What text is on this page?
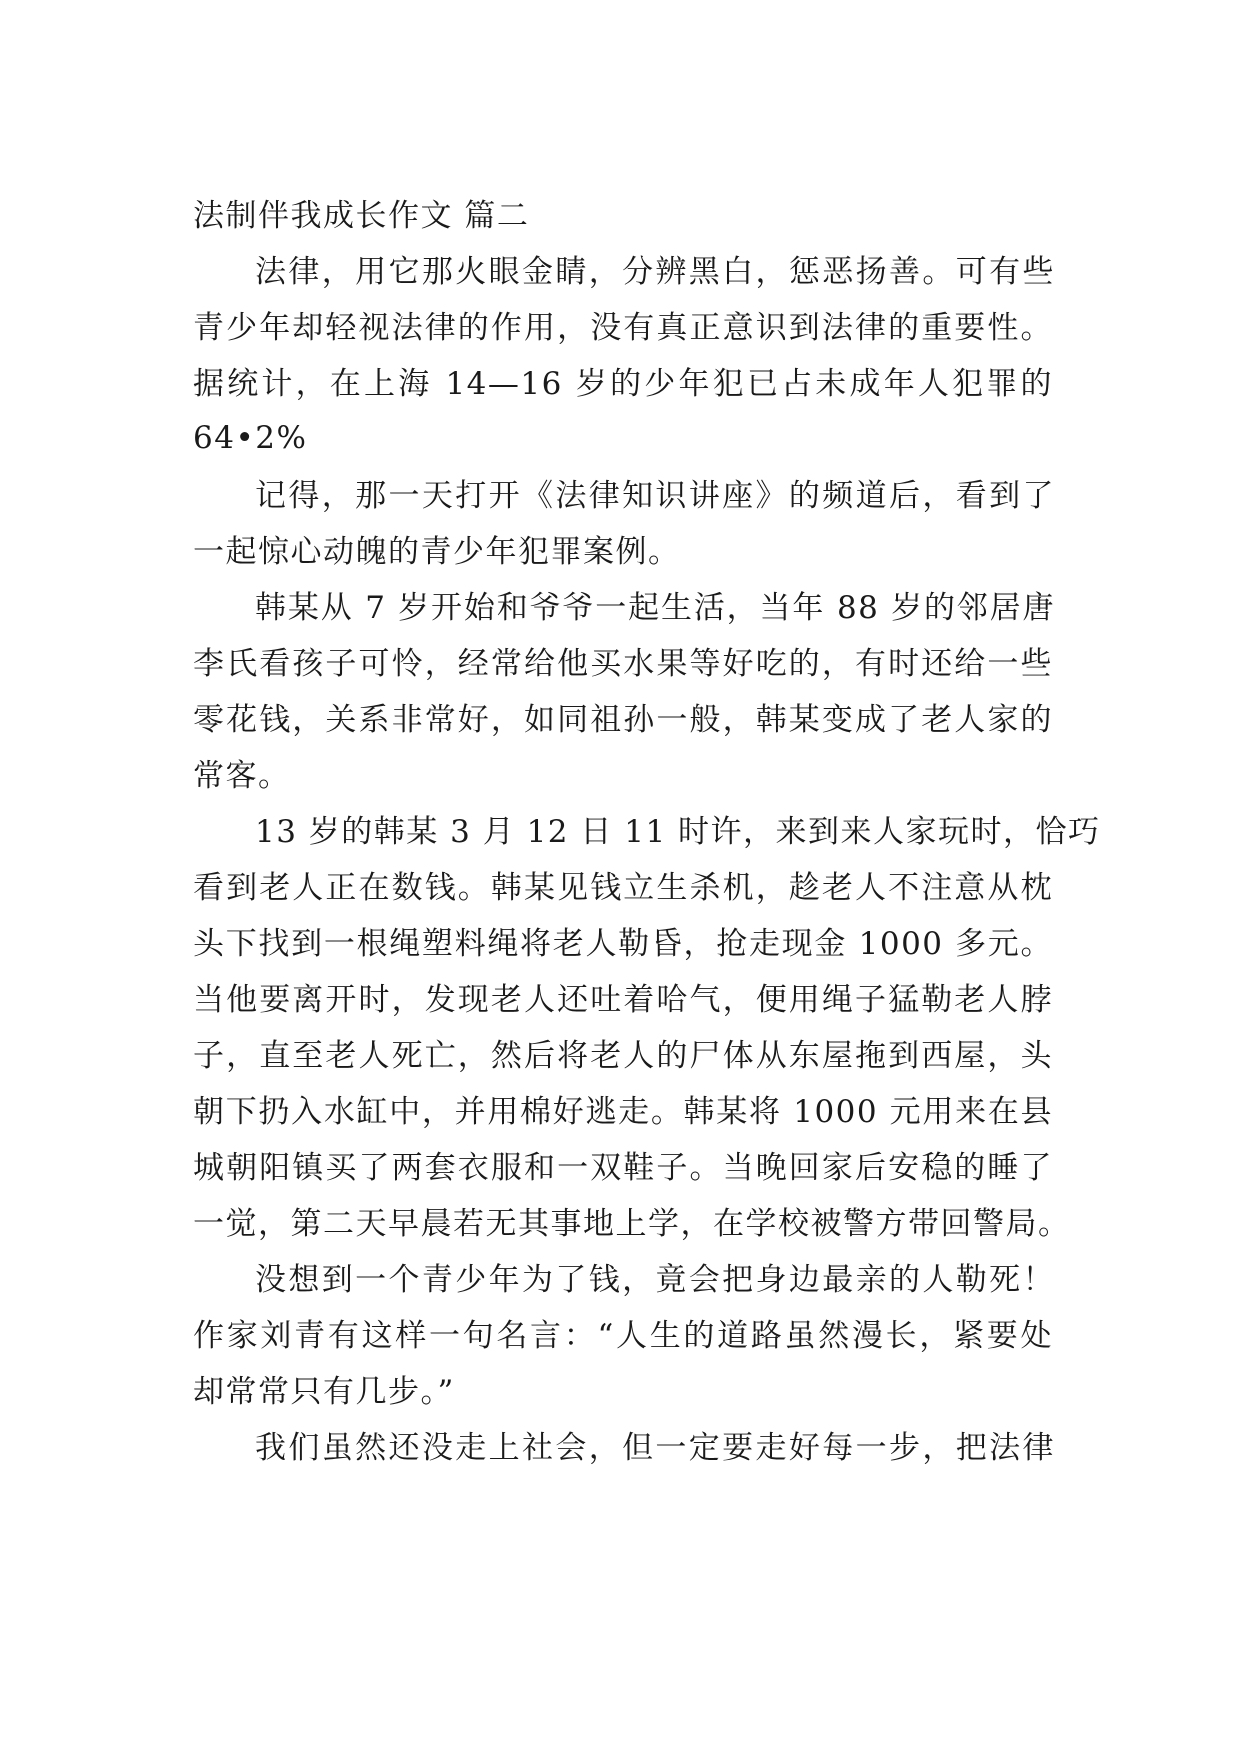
法制伴我成长作文 篇二
法律，用它那火眼金睛，分辨黑白，惩恶扬善。可有些
青少年却轻视法律的作用，没有真正意识到法律的重要性。
据统计，在上海 14—16 岁的少年犯已占未成年人犯罪的
64•2%
记得，那一天打开《法律知识讲座》的频道后，看到了
一起惊心动魄的青少年犯罪案例。
韩某从 7 岁开始和爷爷一起生活，当年 88 岁的邻居唐
李氏看孩子可怜，经常给他买水果等好吃的，有时还给一些
零花钱，关系非常好，如同祖孙一般，韩某变成了老人家的
常客。
13 岁的韩某 3 月 12 日 11 时许，来到来人家玩时，恰巧
看到老人正在数钱。韩某见钱立生杀机，趁老人不注意从枕
头下找到一根绳塑料绳将老人勒昏，抢走现金 1000 多元。
当他要离开时，发现老人还吐着哈气，便用绳子猛勒老人脖
子，直至老人死亡，然后将老人的尸体从东屋拖到西屋，头
朝下扔入水缸中，并用棉好逃走。韩某将 1000 元用来在县
城朝阳镇买了两套衣服和一双鞋子。当晚回家后安稳的睡了
一觉，第二天早晨若无其事地上学，在学校被警方带回警局。
没想到一个青少年为了钱，竟会把身边最亲的人勒死！
作家刘青有这样一句名言：“人生的道路虽然漫长，紧要处
却常常只有几步。”
我们虽然还没走上社会，但一定要走好每一步，把法律
